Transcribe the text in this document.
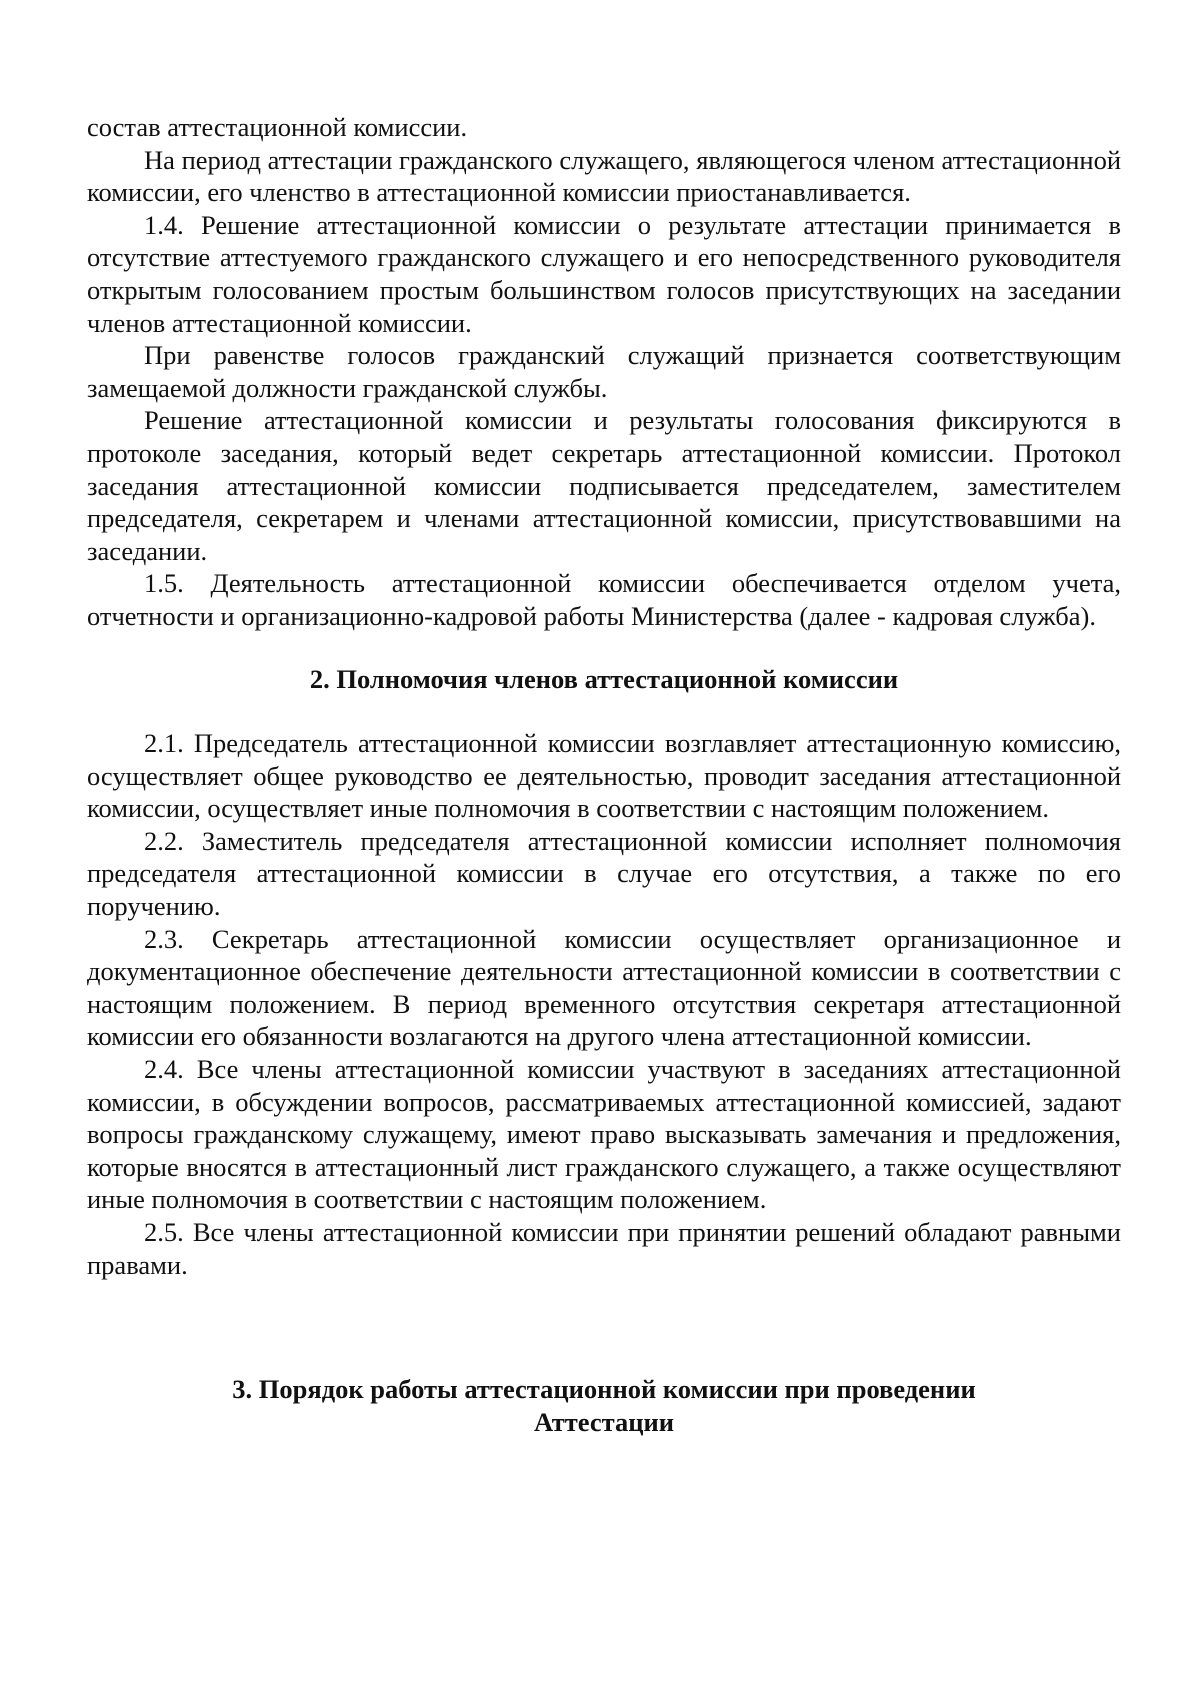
состав аттестационной комиссии.

На период аттестации гражданского служащего, являющегося членом аттестационной комиссии, его членство в аттестационной комиссии приостанавливается.

1.4. Решение аттестационной комиссии о результате аттестации принимается в отсутствие аттестуемого гражданского служащего и его непосредственного руководителя открытым голосованием простым большинством голосов присутствующих на заседании членов аттестационной комиссии.

При равенстве голосов гражданский служащий признается соответствующим замещаемой должности гражданской службы.

Решение аттестационной комиссии и результаты голосования фиксируются в протоколе заседания, который ведет секретарь аттестационной комиссии. Протокол заседания аттестационной комиссии подписывается председателем, заместителем председателя, секретарем и членами аттестационной комиссии, присутствовавшими на заседании.

1.5. Деятельность аттестационной комиссии обеспечивается отделом учета, отчетности и организационно-кадровой работы Министерства (далее - кадровая служба).

2. Полномочия членов аттестационной комиссии

2.1. Председатель аттестационной комиссии возглавляет аттестационную комиссию, осуществляет общее руководство ее деятельностью, проводит заседания аттестационной комиссии, осуществляет иные полномочия в соответствии с настоящим положением.

2.2. Заместитель председателя аттестационной комиссии исполняет полномочия председателя аттестационной комиссии в случае его отсутствия, а также по его поручению.

2.3. Секретарь аттестационной комиссии осуществляет организационное и документационное обеспечение деятельности аттестационной комиссии в соответствии с настоящим положением. В период временного отсутствия секретаря аттестационной комиссии его обязанности возлагаются на другого члена аттестационной комиссии.

2.4. Все члены аттестационной комиссии участвуют в заседаниях аттестационной комиссии, в обсуждении вопросов, рассматриваемых аттестационной комиссией, задают вопросы гражданскому служащему, имеют право высказывать замечания и предложения, которые вносятся в аттестационный лист гражданского служащего, а также осуществляют иные полномочия в соответствии с настоящим положением.

2.5. Все члены аттестационной комиссии при принятии решений обладают равными правами.

3. Порядок работы аттестационной комиссии при проведении
Аттестации
